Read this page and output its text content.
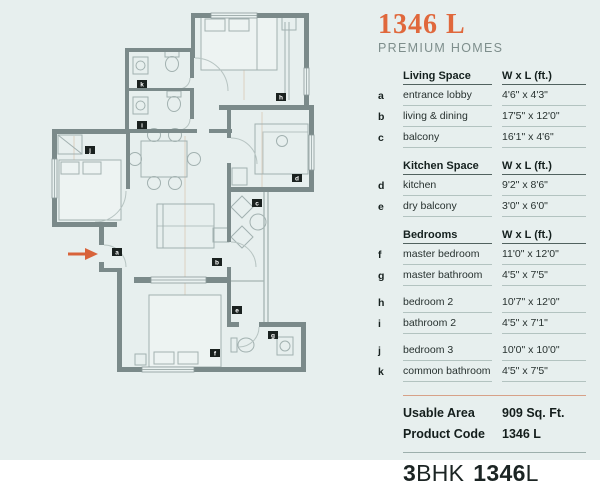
a
b
c
d
e
f
g
h
i
j
k
1346 L
PREMIUM HOMES
Living Space	W x L (ft.)
a	entrance lobby	4'6" x 4'3"
b	living & dining	17'5" x 12'0"
c	balcony	16'1" x 4'6"
Kitchen Space	W x L (ft.)
d	kitchen	9'2" x 8'6"
e	dry balcony	3'0" x 6'0"
Bedrooms	W x L (ft.)
f	master bedroom	11'0" x 12'0"
g	master bathroom	4'5" x 7'5"
h	bedroom 2	10'7" x 12'0"
i	bathroom 2	4'5" x 7'1"
j	bedroom 3	10'0" x 10'0"
k	common bathroom 4'5" x 7'5"
Usable Area	909 Sq. Ft.
Product Code	1346 L
3BHK 1346L
